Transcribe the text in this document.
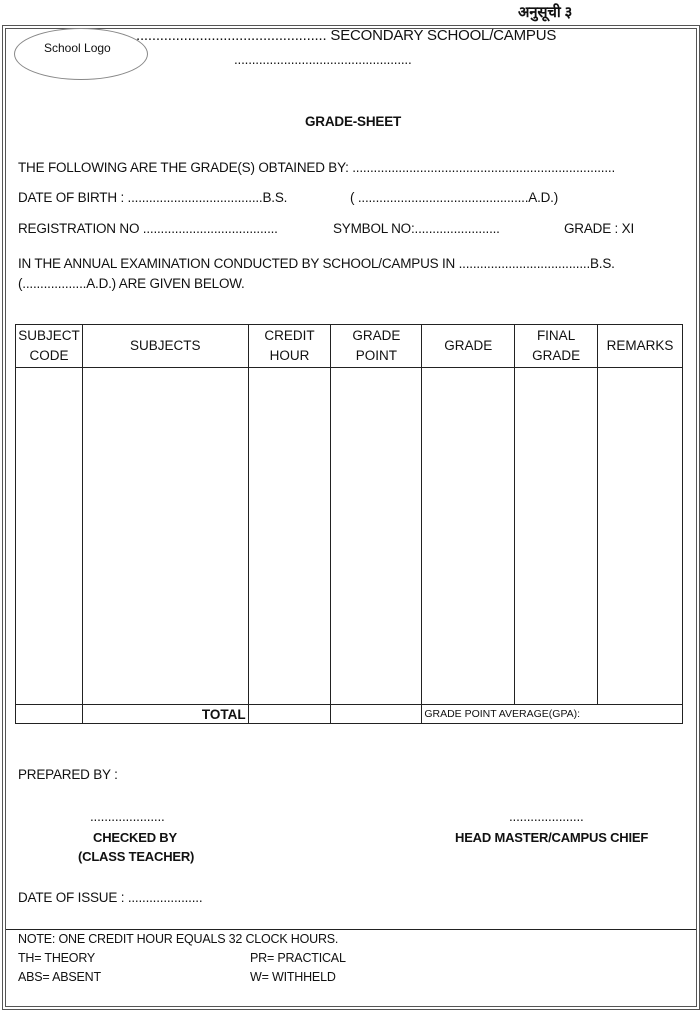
अनुसूची ३
School Logo
................................................ SECONDARY SCHOOL/CAMPUS
..................................................
GRADE-SHEET
THE FOLLOWING ARE THE GRADE(S) OBTAINED BY: ..........................................................................
DATE OF BIRTH : ......................................B.S.	( ................................................A.D.)
REGISTRATION NO ......................................	SYMBOL NO:........................	GRADE : XI
IN THE ANNUAL EXAMINATION CONDUCTED BY SCHOOL/CAMPUS IN .....................................B.S.
(..................A.D.) ARE GIVEN BELOW.
SUBJECT CODE	SUBJECTS	CREDIT HOUR	GRADE POINT	GRADE	FINAL GRADE	REMARKS

	TOTAL			GRADE POINT AVERAGE(GPA):		
PREPARED BY :
.....................	.....................
CHECKED BY
(CLASS TEACHER)
HEAD MASTER/CAMPUS CHIEF
DATE OF ISSUE : .....................
NOTE: ONE CREDIT HOUR EQUALS 32 CLOCK HOURS.
TH= THEORY	PR= PRACTICAL
ABS= ABSENT	W= WITHHELD
